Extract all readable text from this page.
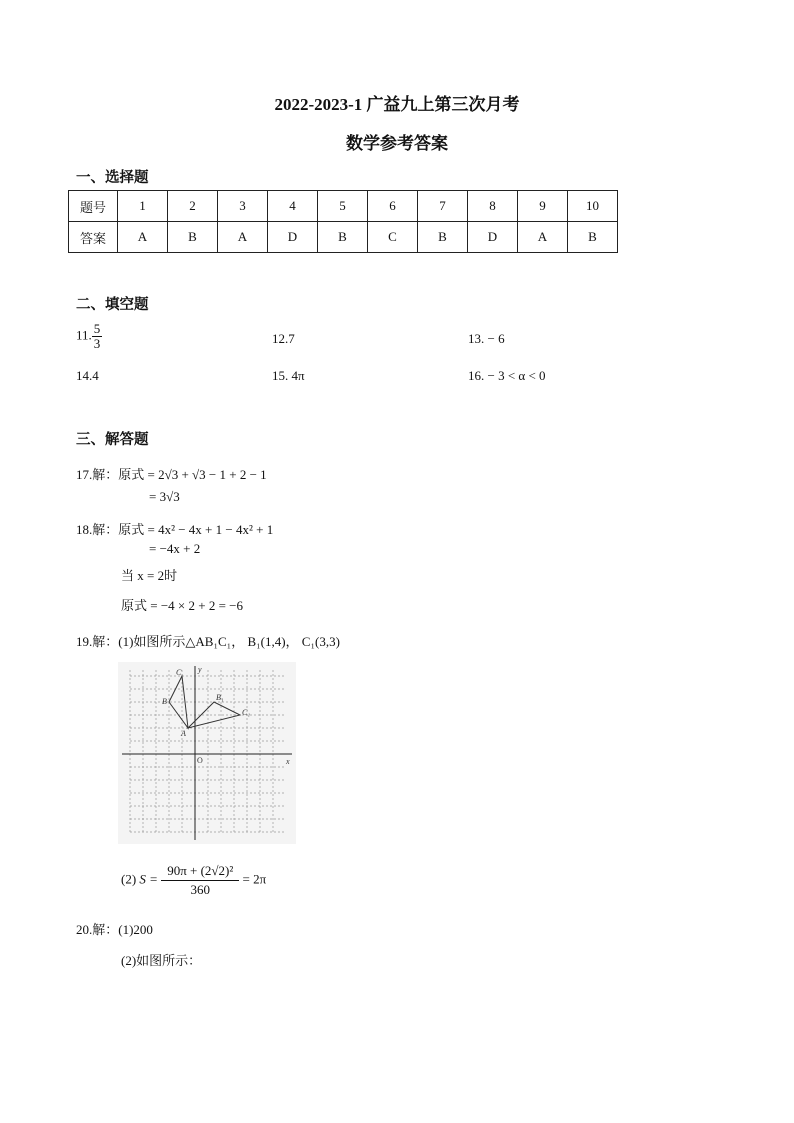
2022-2023-1 广益九上第三次月考
数学参考答案
一、选择题
题号	1	2	3	4	5	6	7	8	9	10
答案	A	B	A	D	B	C	B	D	A	B
二、填空题
11. $\frac{5}{3}$	12.7	13. − 6
14.4	15. 4π	16. − 3 < α < 0
三、解答题
17.解：原式 = 2√3 + √3 − 1 + 2 − 1
= 3√3
18.解：原式 = 4x² − 4x + 1 − 4x² + 1
= −4x + 2
当 x = 2时
原式 = −4 × 2 + 2 = −6
19.解：(1)如图所示△AB₁C₁， B₁(1,4)， C₁(3,3)
y
x
O
A
B
C
B₁
C₁
(2) $S = \frac{\text{90π + (2√2)²}}{360} = 2\pi$
20.解：(1)200
(2)如图所示：
